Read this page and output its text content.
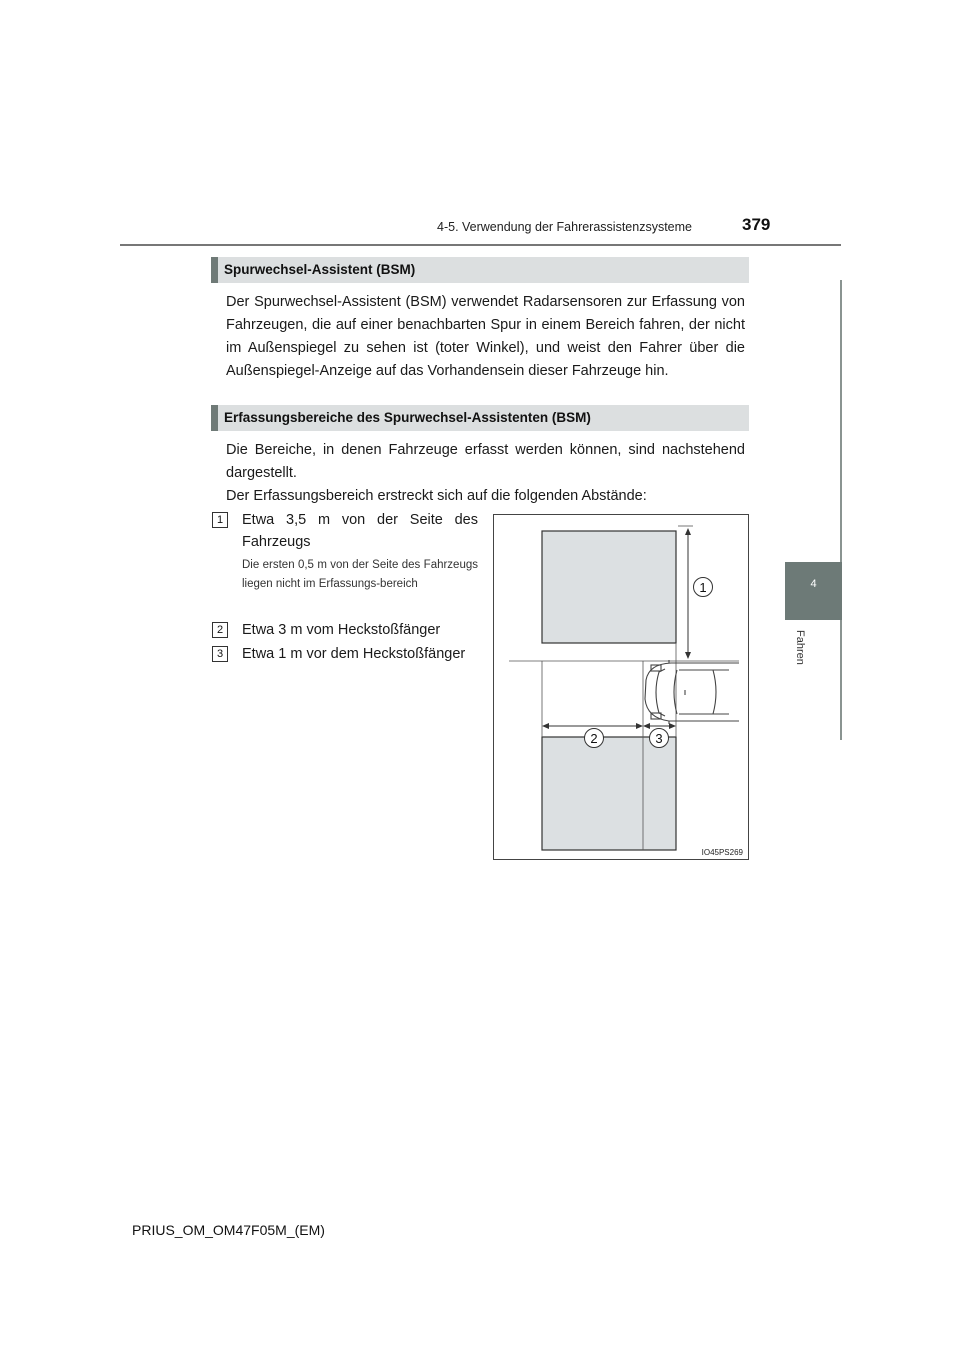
4-5. Verwendung der Fahrerassistenzsysteme	379
4
Fahren
Spurwechsel-Assistent (BSM)
Der Spurwechsel-Assistent (BSM) verwendet Radarsensoren zur Erfassung von Fahrzeugen, die auf einer benachbarten Spur in einem Bereich fahren, der nicht im Außenspiegel zu sehen ist (toter Winkel), und weist den Fahrer über die Außenspiegel-Anzeige auf das Vorhandensein dieser Fahrzeuge hin.
Erfassungsbereiche des Spurwechsel-Assistenten (BSM)
Die Bereiche, in denen Fahrzeuge erfasst werden können, sind nachstehend dargestellt.
Der Erfassungsbereich erstreckt sich auf die folgenden Abstände:
1	Etwa 3,5 m von der Seite des Fahrzeugs
Die ersten 0,5 m von der Seite des Fahrzeugs liegen nicht im Erfassungs-bereich
2	Etwa 3 m vom Heckstoßfänger
3	Etwa 1 m vor dem Heckstoßfänger
1
2	3
IO45PS269
PRIUS_OM_OM47F05M_(EM)
